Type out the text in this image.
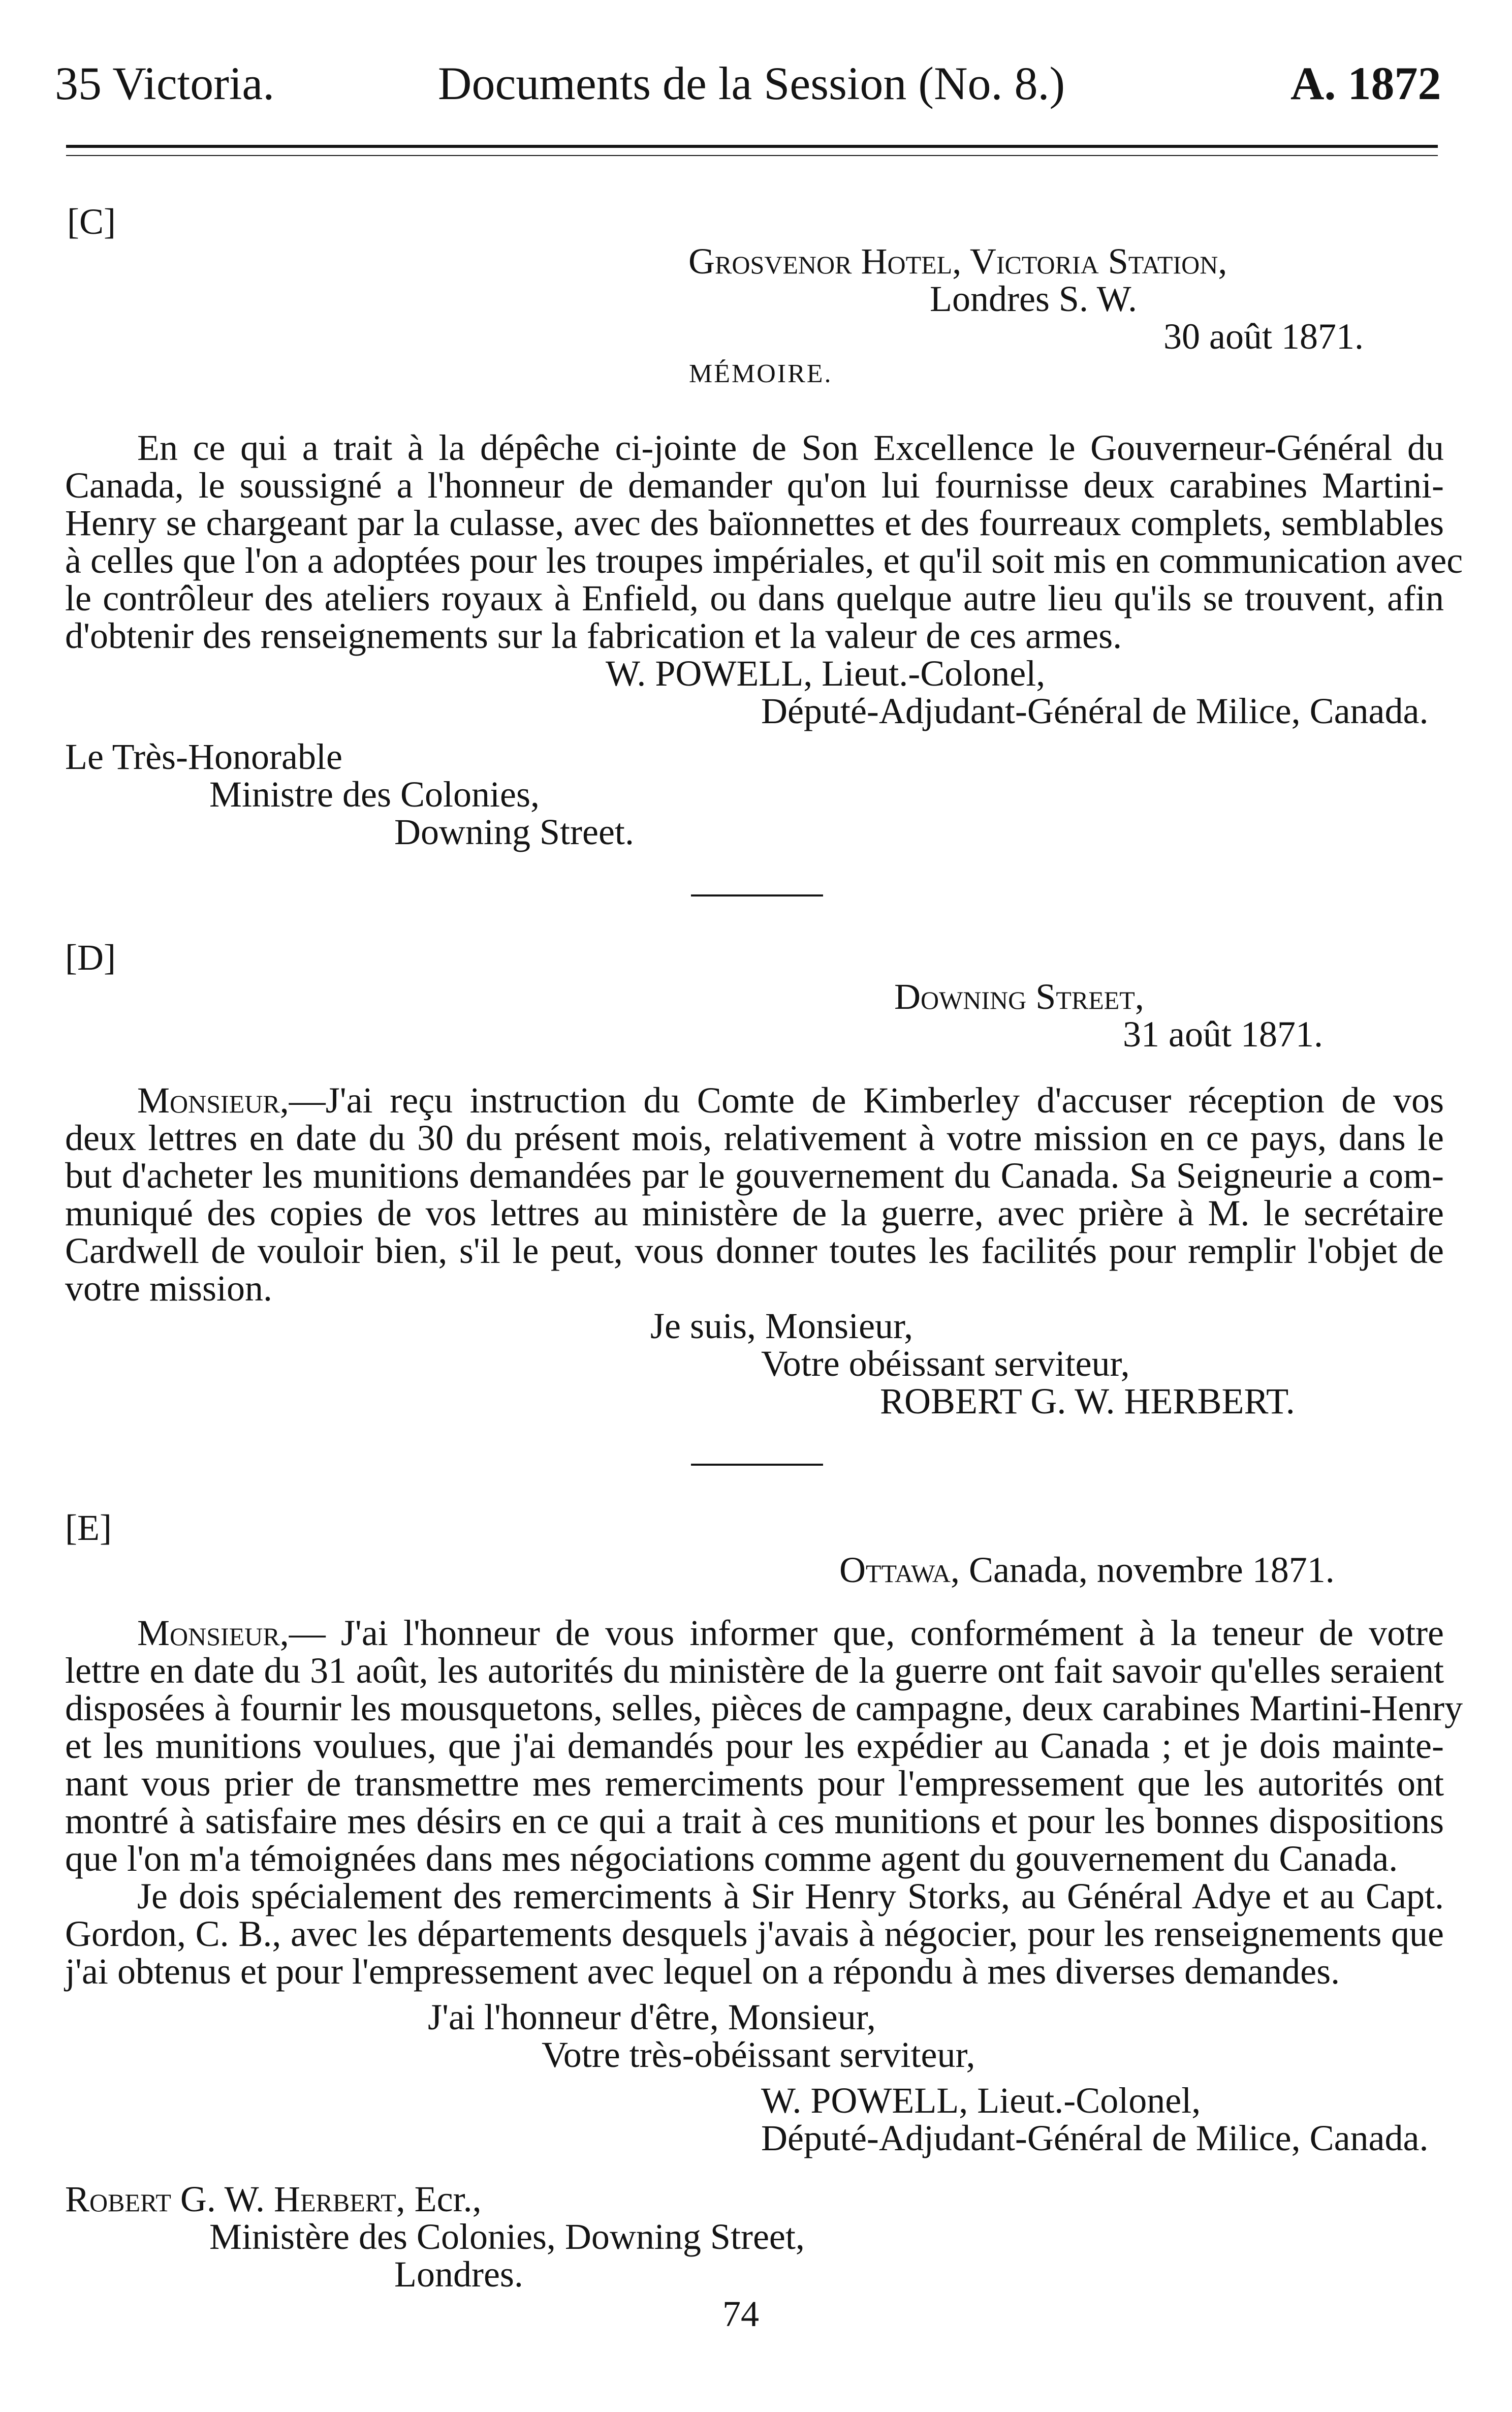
35 Victoria.	Documents de la Session (No. 8.)	A. 1872
[C]
Grosvenor Hotel, Victoria Station,
Londres S. W.
30 août 1871.
MÉMOIRE.
En ce qui a trait à la dépêche ci-jointe de Son Excellence le Gouverneur-Général du
Canada, le soussigné a l'honneur de demander qu'on lui fournisse deux carabines Martini-
Henry se chargeant par la culasse, avec des baïonnettes et des fourreaux complets, semblables
à celles que l'on a adoptées pour les troupes impériales, et qu'il soit mis en communication avec
le contrôleur des ateliers royaux à Enfield, ou dans quelque autre lieu qu'ils se trouvent, afin
d'obtenir des renseignements sur la fabrication et la valeur de ces armes.
W. POWELL, Lieut.-Colonel,
Député-Adjudant-Général de Milice, Canada.
Le Très-Honorable
Ministre des Colonies,
Downing Street.
[D]
Downing Street,
31 août 1871.
Monsieur,—J'ai reçu instruction du Comte de Kimberley d'accuser réception de vos
deux lettres en date du 30 du présent mois, relativement à votre mission en ce pays, dans le
but d'acheter les munitions demandées par le gouvernement du Canada. Sa Seigneurie a com-
muniqué des copies de vos lettres au ministère de la guerre, avec prière à M. le secrétaire
Cardwell de vouloir bien, s'il le peut, vous donner toutes les facilités pour remplir l'objet de
votre mission.
Je suis, Monsieur,
Votre obéissant serviteur,
ROBERT G. W. HERBERT.
[E]
Ottawa, Canada, novembre 1871.
Monsieur,— J'ai l'honneur de vous informer que, conformément à la teneur de votre
lettre en date du 31 août, les autorités du ministère de la guerre ont fait savoir qu'elles seraient
disposées à fournir les mousquetons, selles, pièces de campagne, deux carabines Martini-Henry
et les munitions voulues, que j'ai demandés pour les expédier au Canada ; et je dois mainte-
nant vous prier de transmettre mes remerciments pour l'empressement que les autorités ont
montré à satisfaire mes désirs en ce qui a trait à ces munitions et pour les bonnes dispositions
que l'on m'a témoignées dans mes négociations comme agent du gouvernement du Canada.
Je dois spécialement des remerciments à Sir Henry Storks, au Général Adye et au Capt.
Gordon, C. B., avec les départements desquels j'avais à négocier, pour les renseignements que
j'ai obtenus et pour l'empressement avec lequel on a répondu à mes diverses demandes.
J'ai l'honneur d'être, Monsieur,
Votre très-obéissant serviteur,
W. POWELL, Lieut.-Colonel,
Député-Adjudant-Général de Milice, Canada.
Robert G. W. Herbert, Ecr.,
Ministère des Colonies, Downing Street,
Londres.
74
